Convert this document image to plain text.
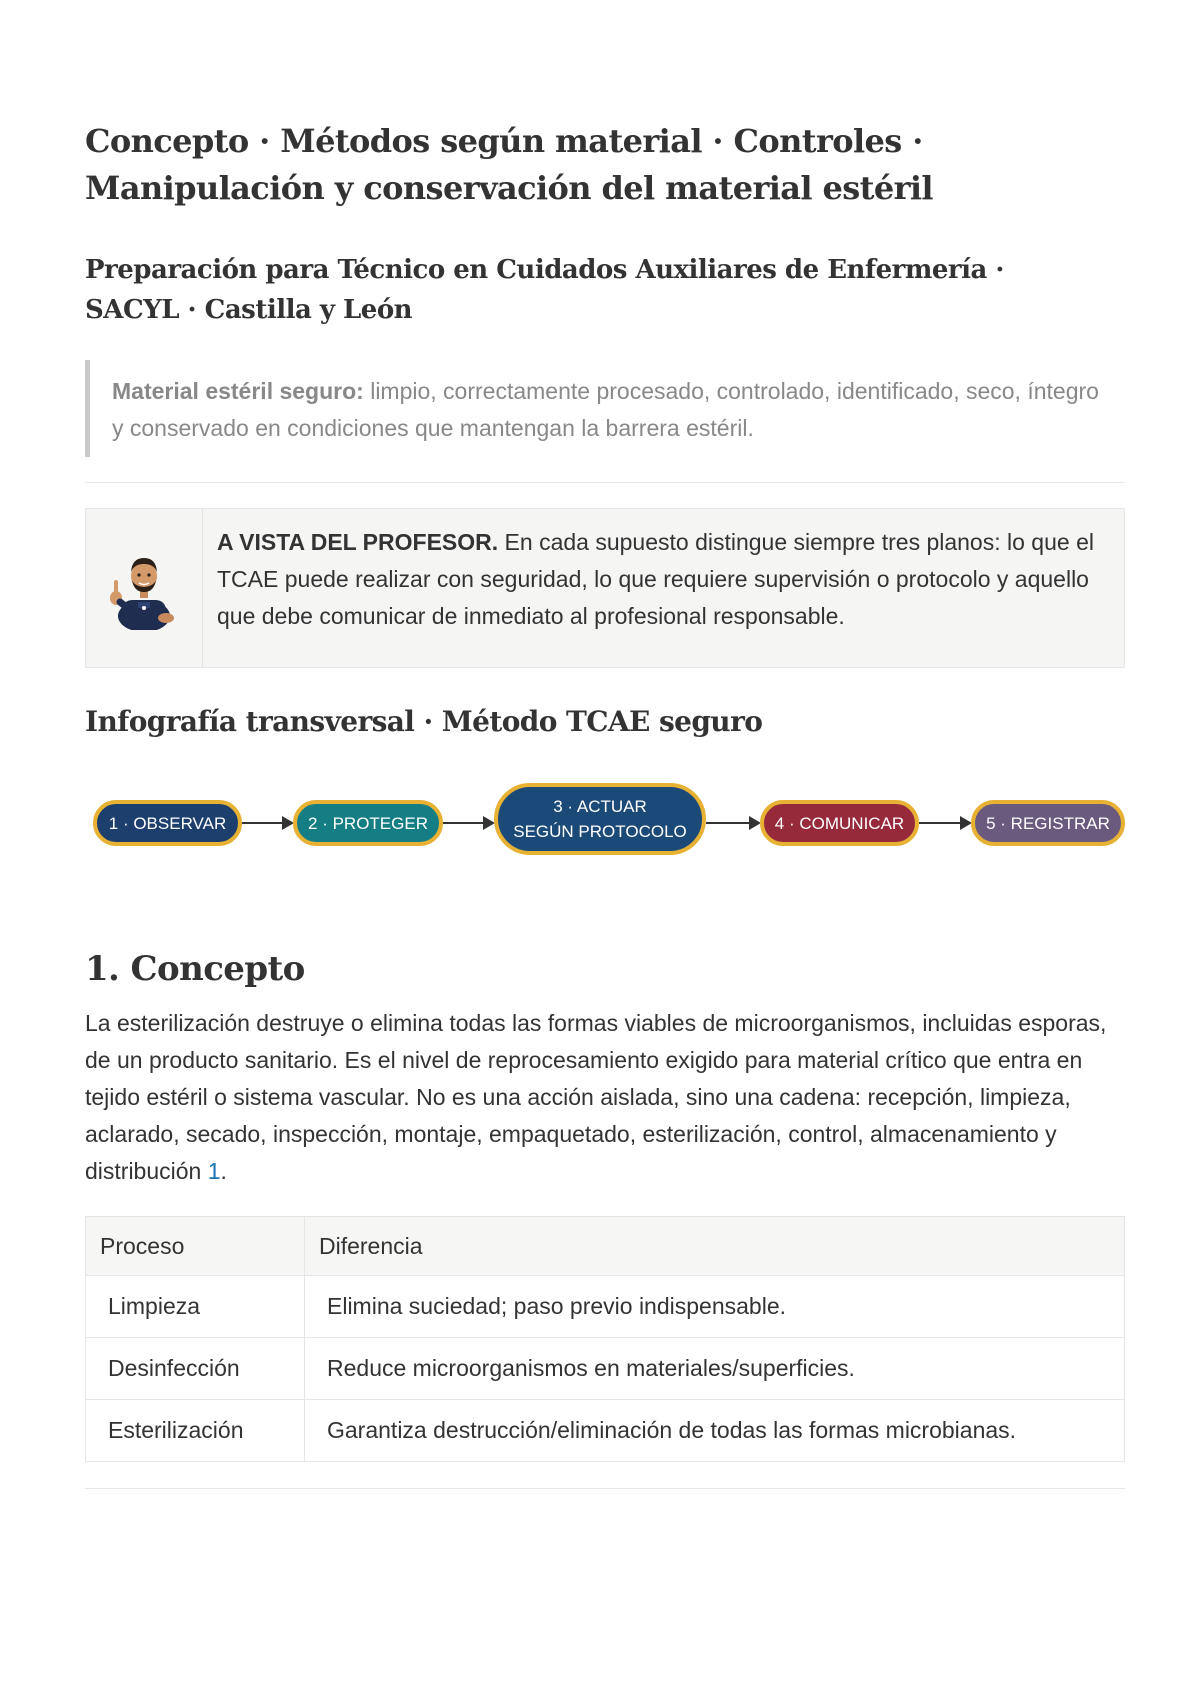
Concepto · Métodos según material · Controles · Manipulación y conservación del material estéril
Preparación para Técnico en Cuidados Auxiliares de Enfermería · SACYL · Castilla y León
Material estéril seguro: limpio, correctamente procesado, controlado, identificado, seco, íntegro y conservado en condiciones que mantengan la barrera estéril.
A VISTA DEL PROFESOR. En cada supuesto distingue siempre tres planos: lo que el TCAE puede realizar con seguridad, lo que requiere supervisión o protocolo y aquello que debe comunicar de inmediato al profesional responsable.
Infografía transversal · Método TCAE seguro
1 · OBSERVAR	2 · PROTEGER
3 · ACTUAR
SEGÚN PROTOCOLO	4 · COMUNICAR	5 · REGISTRAR
1. Concepto

La esterilización destruye o elimina todas las formas viables de microorganismos, incluidas esporas, de un producto sanitario. Es el nivel de reprocesamiento exigido para material crítico que entra en tejido estéril o sistema vascular. No es una acción aislada, sino una cadena: recepción, limpieza, aclarado, secado, inspección, montaje, empaquetado, esterilización, control, almacenamiento y distribución 1.

Proceso	Diferencia
Limpieza	Elimina suciedad; paso previo indispensable.
Desinfección	Reduce microorganismos en materiales/superficies.
Esterilización	Garantiza destrucción/eliminación de todas las formas microbianas.
